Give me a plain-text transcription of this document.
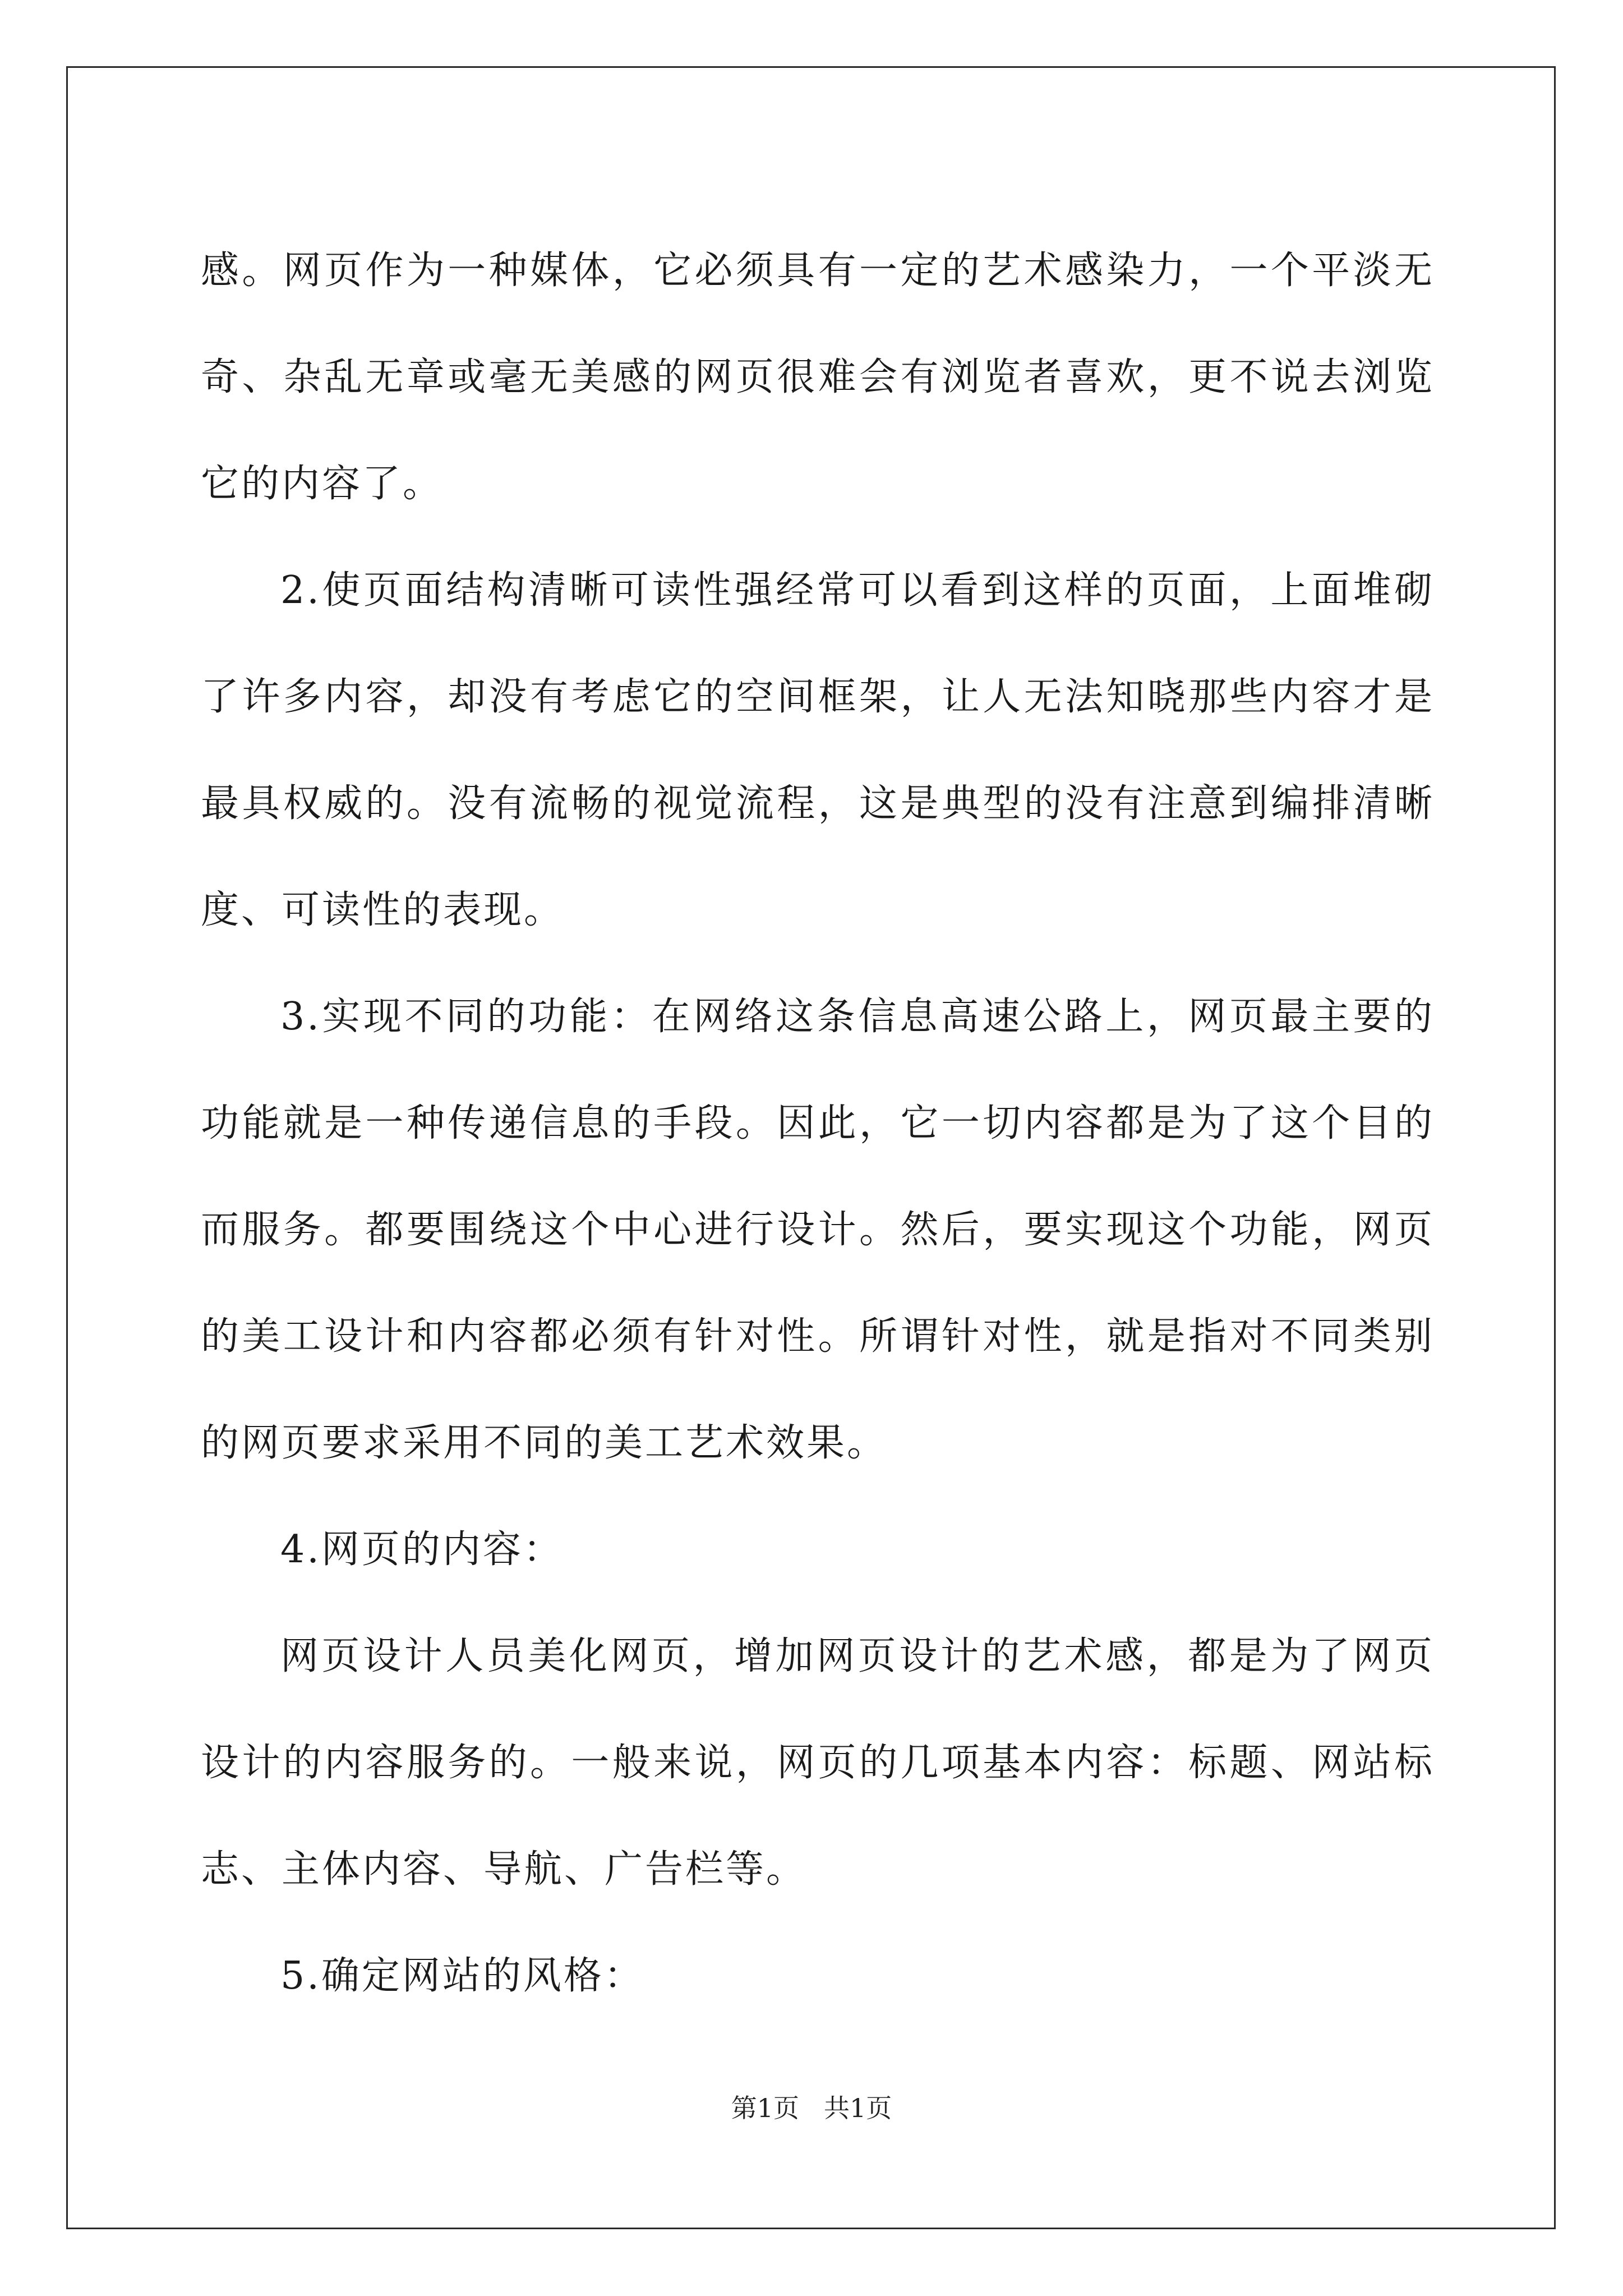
感。网页作为一种媒体，它必须具有一定的艺术感染力，一个平淡无奇、杂乱无章或毫无美感的网页很难会有浏览者喜欢，更不说去浏览它的内容了。

2.使页面结构清晰可读性强经常可以看到这样的页面，上面堆砌了许多内容，却没有考虑它的空间框架，让人无法知晓那些内容才是最具权威的。没有流畅的视觉流程，这是典型的没有注意到编排清晰度、可读性的表现。

3.实现不同的功能：在网络这条信息高速公路上，网页最主要的功能就是一种传递信息的手段。因此，它一切内容都是为了这个目的而服务。都要围绕这个中心进行设计。然后，要实现这个功能，网页的美工设计和内容都必须有针对性。所谓针对性，就是指对不同类别的网页要求采用不同的美工艺术效果。

4.网页的内容：

网页设计人员美化网页，增加网页设计的艺术感，都是为了网页设计的内容服务的。一般来说，网页的几项基本内容：标题、网站标志、主体内容、导航、广告栏等。

5.确定网站的风格：

第1页 共1页
